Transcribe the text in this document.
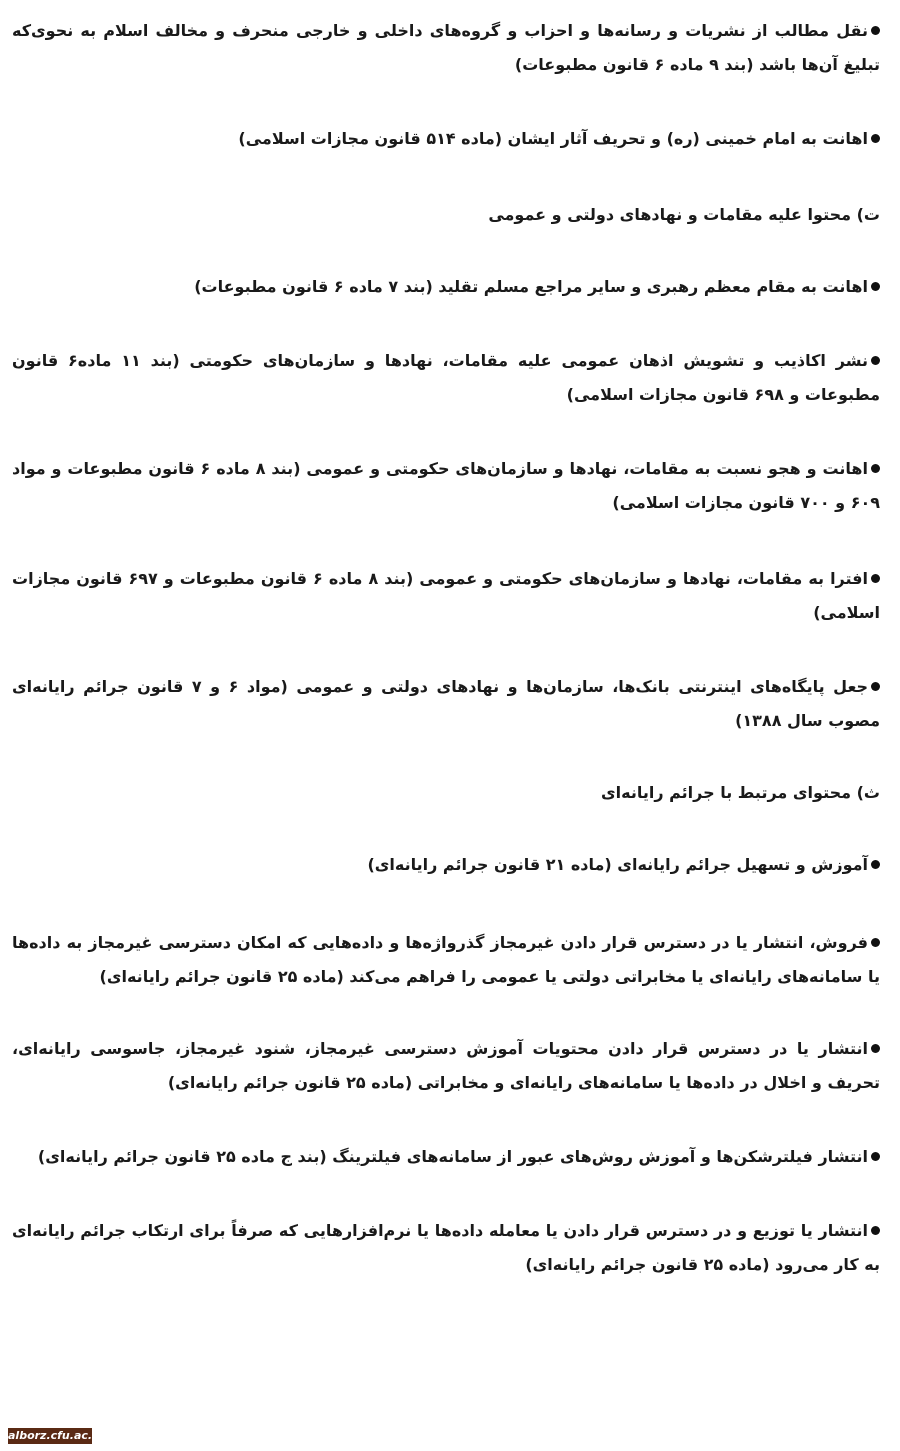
نقل مطالب از نشریات و رسانه‌ها و احزاب و گروه‌های داخلی و خارجی منحرف و مخالف اسلام به نحوی‌که تبلیغ آن‌ها باشد (بند ۹ ماده ۶ قانون مطبوعات)
اهانت به امام خمینی (ره) و تحریف آثار ایشان (ماده ۵۱۴ قانون مجازات اسلامی)
ت) محتوا علیه مقامات و نهادهای دولتی و عمومی
اهانت به مقام معظم رهبری و سایر مراجع مسلم تقلید (بند ۷ ماده ۶ قانون مطبوعات)
نشر اکاذیب و تشویش اذهان عمومی علیه مقامات، نهادها و سازمان‌های حکومتی (بند ۱۱ ماده۶ قانون مطبوعات و ۶۹۸ قانون مجازات اسلامی)
اهانت و هجو نسبت به مقامات، نهادها و سازمان‌های حکومتی و عمومی (بند ۸ ماده ۶ قانون مطبوعات و مواد ۶۰۹ و ۷۰۰ قانون مجازات اسلامی)
افترا به مقامات، نهادها و سازمان‌های حکومتی و عمومی (بند ۸ ماده ۶ قانون مطبوعات و ۶۹۷ قانون مجازات اسلامی)
جعل پایگاه‌های اینترنتی بانک‌ها، سازمان‌ها و نهادهای دولتی و عمومی (مواد ۶ و ۷ قانون جرائم رایانه‌ای مصوب سال ۱۳۸۸)
ث) محتوای مرتبط با جرائم رایانه‌ای
آموزش و تسهیل جرائم رایانه‌ای (ماده ۲۱ قانون جرائم رایانه‌ای)
فروش، انتشار یا در دسترس قرار دادن غیرمجاز گذرواژه‌ها و داده‌هایی که امکان دسترسی غیرمجاز به داده‌ها یا سامانه‌های رایانه‌ای یا مخابراتی دولتی یا عمومی را فراهم می‌کند (ماده ۲۵ قانون جرائم رایانه‌ای)
انتشار یا در دسترس قرار دادن محتویات آموزش دسترسی غیرمجاز، شنود غیرمجاز، جاسوسی رایانه‌ای، تحریف و اخلال در داده‌ها یا سامانه‌های رایانه‌ای و مخابراتی (ماده ۲۵ قانون جرائم رایانه‌ای)
انتشار فیلترشکن‌ها و آموزش روش‌های عبور از سامانه‌های فیلترینگ (بند ج ماده ۲۵ قانون جرائم رایانه‌ای)
انتشار یا توزیع و در دسترس قرار دادن یا معامله داده‌ها یا نرم‌افزارهایی که صرفاً برای ارتکاب جرائم رایانه‌ای به کار می‌رود (ماده ۲۵ قانون جرائم رایانه‌ای)
alborz.cfu.ac.ir
